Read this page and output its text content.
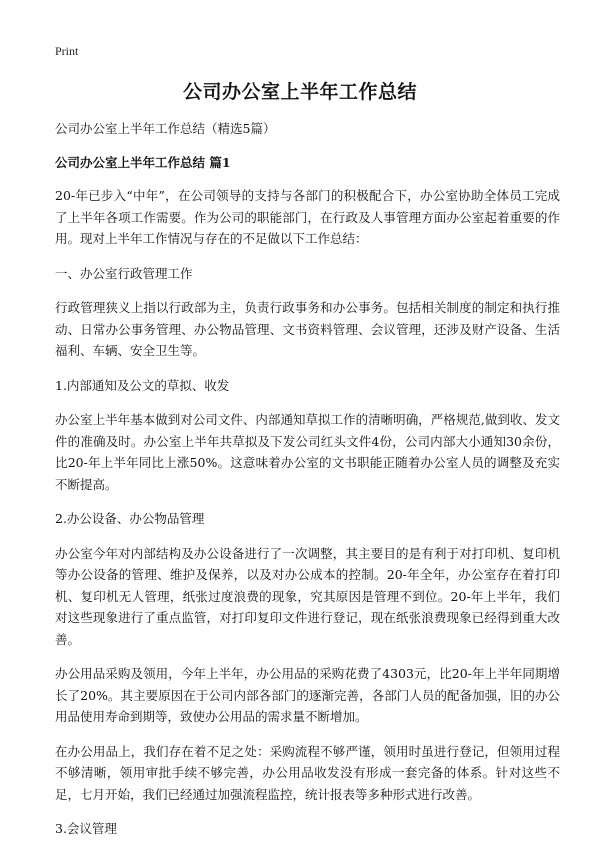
Print
公司办公室上半年工作总结

公司办公室上半年工作总结（精选5篇）

公司办公室上半年工作总结 篇1

20-年已步入“中年”，在公司领导的支持与各部门的积极配合下，办公室协助全体员工完成了上半年各项工作需要。作为公司的职能部门，在行政及人事管理方面办公室起着重要的作用。现对上半年工作情况与存在的不足做以下工作总结：

一、办公室行政管理工作

行政管理狭义上指以行政部为主，负责行政事务和办公事务。包括相关制度的制定和执行推动、日常办公事务管理、办公物品管理、文书资料管理、会议管理，还涉及财产设备、生活福利、车辆、安全卫生等。

1.内部通知及公文的草拟、收发

办公室上半年基本做到对公司文件、内部通知草拟工作的清晰明确，严格规范,做到收、发文件的准确及时。办公室上半年共草拟及下发公司红头文件4份，公司内部大小通知30余份，比20-年上半年同比上涨50%。这意味着办公室的文书职能正随着办公室人员的调整及充实不断提高。

2.办公设备、办公物品管理

办公室今年对内部结构及办公设备进行了一次调整，其主要目的是有利于对打印机、复印机等办公设备的管理、维护及保养，以及对办公成本的控制。20-年全年，办公室存在着打印机、复印机无人管理，纸张过度浪费的现象，究其原因是管理不到位。20-年上半年，我们对这些现象进行了重点监管，对打印复印文件进行登记，现在纸张浪费现象已经得到重大改善。

办公用品采购及领用，今年上半年，办公用品的采购花费了4303元，比20-年上半年同期增长了20%。其主要原因在于公司内部各部门的逐渐完善，各部门人员的配备加强，旧的办公用品使用寿命到期等，致使办公用品的需求量不断增加。

在办公用品上，我们存在着不足之处：采购流程不够严谨，领用时虽进行登记，但领用过程不够清晰，领用审批手续不够完善，办公用品收发没有形成一套完备的体系。针对这些不足，七月开始，我们已经通过加强流程监控，统计报表等多种形式进行改善。

3.会议管理
